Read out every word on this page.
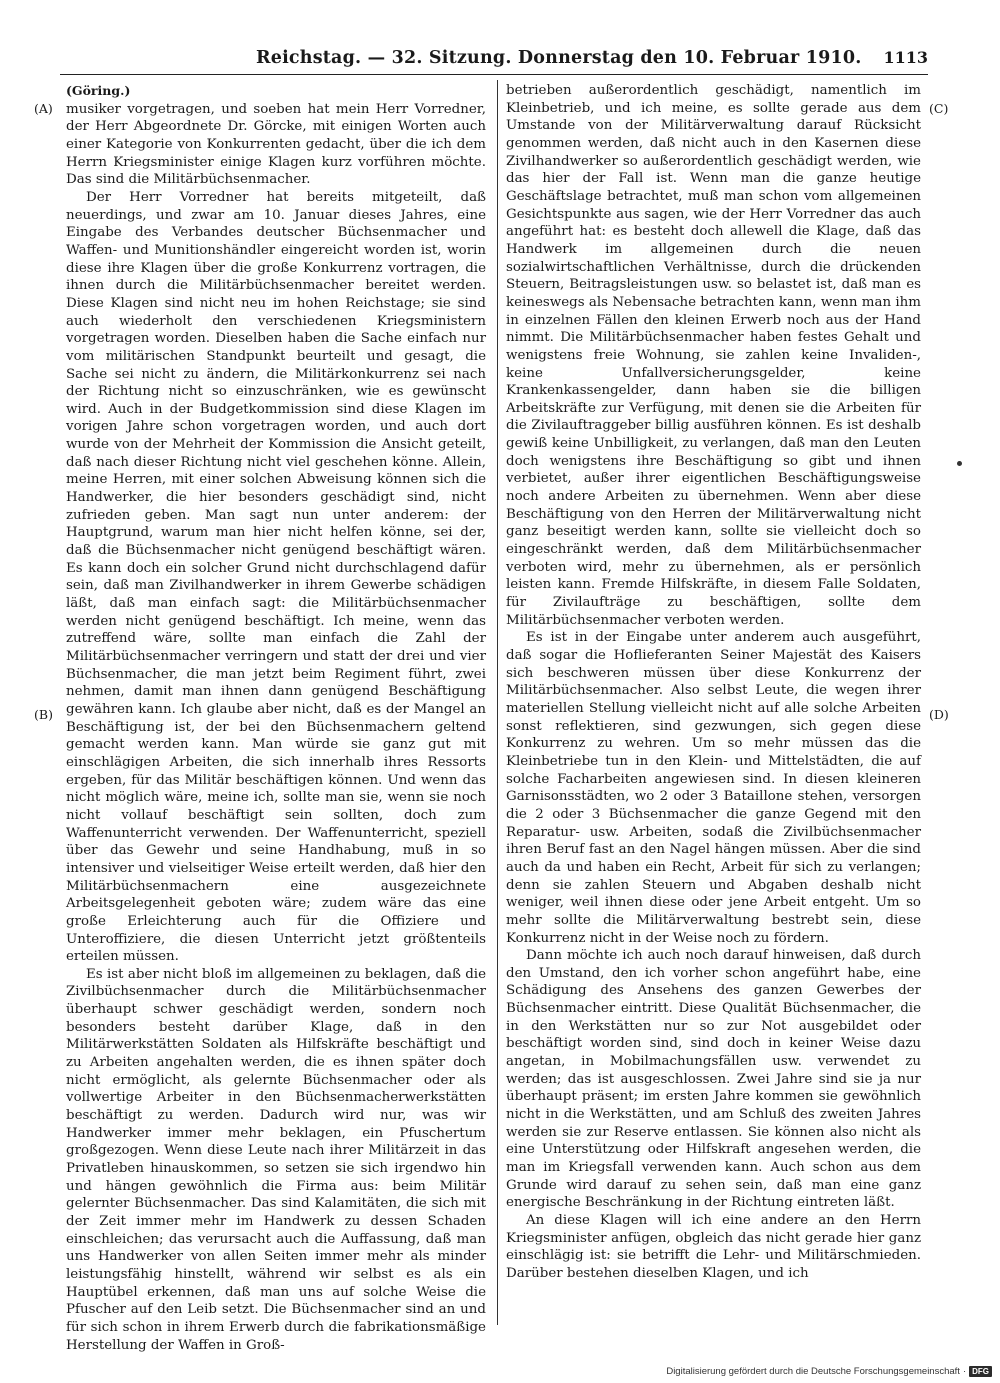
Reichstag. — 32. Sitzung. Donnerstag den 10. Februar 1910. 1113
(A)
(B)
(C)
(D)

(Göring.)

musiker vorgetragen, und soeben hat mein Herr Vorredner, der Herr Abgeordnete Dr. Görcke, mit einigen Worten auch einer Kategorie von Konkurrenten gedacht, über die ich dem Herrn Kriegsminister einige Klagen kurz vorführen möchte. Das sind die Militärbüchsenmacher.

Der Herr Vorredner hat bereits mitgeteilt, daß neuerdings, und zwar am 10. Januar dieses Jahres, eine Eingabe des Verbandes deutscher Büchsenmacher und Waffen- und Munitionshändler eingereicht worden ist, worin diese ihre Klagen über die große Konkurrenz vortragen, die ihnen durch die Militärbüchsenmacher bereitet werden. Diese Klagen sind nicht neu im hohen Reichstage; sie sind auch wiederholt den verschiedenen Kriegsministern vorgetragen worden. Dieselben haben die Sache einfach nur vom militärischen Standpunkt beurteilt und gesagt, die Sache sei nicht zu ändern, die Militärkonkurrenz sei nach der Richtung nicht so einzuschränken, wie es gewünscht wird. Auch in der Budgetkommission sind diese Klagen im vorigen Jahre schon vorgetragen worden, und auch dort wurde von der Mehrheit der Kommission die Ansicht geteilt, daß nach dieser Richtung nicht viel geschehen könne. Allein, meine Herren, mit einer solchen Abweisung können sich die Handwerker, die hier besonders geschädigt sind, nicht zufrieden geben. Man sagt nun unter anderem: der Hauptgrund, warum man hier nicht helfen könne, sei der, daß die Büchsenmacher nicht genügend beschäftigt wären. Es kann doch ein solcher Grund nicht durchschlagend dafür sein, daß man Zivilhandwerker in ihrem Gewerbe schädigen läßt, daß man einfach sagt: die Militärbüchsenmacher werden nicht genügend beschäftigt. Ich meine, wenn das zutreffend wäre, sollte man einfach die Zahl der Militärbüchsenmacher verringern und statt der drei und vier Büchsenmacher, die man jetzt beim Regiment führt, zwei nehmen, damit man ihnen dann genügend Beschäftigung gewähren kann. Ich glaube aber nicht, daß es der Mangel an Beschäftigung ist, der bei den Büchsenmachern geltend gemacht werden kann. Man würde sie ganz gut mit einschlägigen Arbeiten, die sich innerhalb ihres Ressorts ergeben, für das Militär beschäftigen können. Und wenn das nicht möglich wäre, meine ich, sollte man sie, wenn sie noch nicht vollauf beschäftigt sein sollten, doch zum Waffenunterricht verwenden. Der Waffenunterricht, speziell über das Gewehr und seine Handhabung, muß in so intensiver und vielseitiger Weise erteilt werden, daß hier den Militärbüchsenmachern eine ausgezeichnete Arbeitsgelegenheit geboten wäre; zudem wäre das eine große Erleichterung auch für die Offiziere und Unteroffiziere, die diesen Unterricht jetzt größtenteils erteilen müssen.

Es ist aber nicht bloß im allgemeinen zu beklagen, daß die Zivilbüchsenmacher durch die Militärbüchsenmacher überhaupt schwer geschädigt werden, sondern noch besonders besteht darüber Klage, daß in den Militärwerkstätten Soldaten als Hilfskräfte beschäftigt und zu Arbeiten angehalten werden, die es ihnen später doch nicht ermöglicht, als gelernte Büchsenmacher oder als vollwertige Arbeiter in den Büchsenmacherwerkstätten beschäftigt zu werden. Dadurch wird nur, was wir Handwerker immer mehr beklagen, ein Pfuschertum großgezogen. Wenn diese Leute nach ihrer Militärzeit in das Privatleben hinauskommen, so setzen sie sich irgendwo hin und hängen gewöhnlich die Firma aus: beim Militär gelernter Büchsenmacher. Das sind Kalamitäten, die sich mit der Zeit immer mehr im Handwerk zu dessen Schaden einschleichen; das verursacht auch die Auffassung, daß man uns Handwerker von allen Seiten immer mehr als minder leistungsfähig hinstellt, während wir selbst es als ein Hauptübel erkennen, daß man uns auf solche Weise die Pfuscher auf den Leib setzt. Die Büchsenmacher sind an und für sich schon in ihrem Erwerb durch die fabrikationsmäßige Herstellung der Waffen in Groß-

betrieben außerordentlich geschädigt, namentlich im Kleinbetrieb, und ich meine, es sollte gerade aus dem Umstande von der Militärverwaltung darauf Rücksicht genommen werden, daß nicht auch in den Kasernen diese Zivilhandwerker so außerordentlich geschädigt werden, wie das hier der Fall ist. Wenn man die ganze heutige Geschäftslage betrachtet, muß man schon vom allgemeinen Gesichtspunkte aus sagen, wie der Herr Vorredner das auch angeführt hat: es besteht doch allewell die Klage, daß das Handwerk im allgemeinen durch die neuen sozialwirtschaftlichen Verhältnisse, durch die drückenden Steuern, Beitragsleistungen usw. so belastet ist, daß man es keineswegs als Nebensache betrachten kann, wenn man ihm in einzelnen Fällen den kleinen Erwerb noch aus der Hand nimmt. Die Militärbüchsenmacher haben festes Gehalt und wenigstens freie Wohnung, sie zahlen keine Invaliden-, keine Unfallversicherungsgelder, keine Krankenkassengelder, dann haben sie die billigen Arbeitskräfte zur Verfügung, mit denen sie die Arbeiten für die Zivilauftraggeber billig ausführen können. Es ist deshalb gewiß keine Unbilligkeit, zu verlangen, daß man den Leuten doch wenigstens ihre Beschäftigung so gibt und ihnen verbietet, außer ihrer eigentlichen Beschäftigungsweise noch andere Arbeiten zu übernehmen. Wenn aber diese Beschäftigung von den Herren der Militärverwaltung nicht ganz beseitigt werden kann, sollte sie vielleicht doch so eingeschränkt werden, daß dem Militärbüchsenmacher verboten wird, mehr zu übernehmen, als er persönlich leisten kann. Fremde Hilfskräfte, in diesem Falle Soldaten, für Zivilaufträge zu beschäftigen, sollte dem Militärbüchsenmacher verboten werden.

Es ist in der Eingabe unter anderem auch ausgeführt, daß sogar die Hoflieferanten Seiner Majestät des Kaisers sich beschweren müssen über diese Konkurrenz der Militärbüchsenmacher. Also selbst Leute, die wegen ihrer materiellen Stellung vielleicht nicht auf alle solche Arbeiten sonst reflektieren, sind gezwungen, sich gegen diese Konkurrenz zu wehren. Um so mehr müssen das die Kleinbetriebe tun in den Klein- und Mittelstädten, die auf solche Facharbeiten angewiesen sind. In diesen kleineren Garnisonsstädten, wo 2 oder 3 Bataillone stehen, versorgen die 2 oder 3 Büchsenmacher die ganze Gegend mit den Reparatur- usw. Arbeiten, sodaß die Zivilbüchsenmacher ihren Beruf fast an den Nagel hängen müssen. Aber die sind auch da und haben ein Recht, Arbeit für sich zu verlangen; denn sie zahlen Steuern und Abgaben deshalb nicht weniger, weil ihnen diese oder jene Arbeit entgeht. Um so mehr sollte die Militärverwaltung bestrebt sein, diese Konkurrenz nicht in der Weise noch zu fördern.

Dann möchte ich auch noch darauf hinweisen, daß durch den Umstand, den ich vorher schon angeführt habe, eine Schädigung des Ansehens des ganzen Gewerbes der Büchsenmacher eintritt. Diese Qualität Büchsenmacher, die in den Werkstätten nur so zur Not ausgebildet oder beschäftigt worden sind, sind doch in keiner Weise dazu angetan, in Mobilmachungsfällen usw. verwendet zu werden; das ist ausgeschlossen. Zwei Jahre sind sie ja nur überhaupt präsent; im ersten Jahre kommen sie gewöhnlich nicht in die Werkstätten, und am Schluß des zweiten Jahres werden sie zur Reserve entlassen. Sie können also nicht als eine Unterstützung oder Hilfskraft angesehen werden, die man im Kriegsfall verwenden kann. Auch schon aus dem Grunde wird darauf zu sehen sein, daß man eine ganz energische Beschränkung in der Richtung eintreten läßt.

An diese Klagen will ich eine andere an den Herrn Kriegsminister anfügen, obgleich das nicht gerade hier ganz einschlägig ist: sie betrifft die Lehr- und Militärschmieden. Darüber bestehen dieselben Klagen, und ich

Digitalisierung gefördert durch die Deutsche Forschungsgemeinschaft · DFG
